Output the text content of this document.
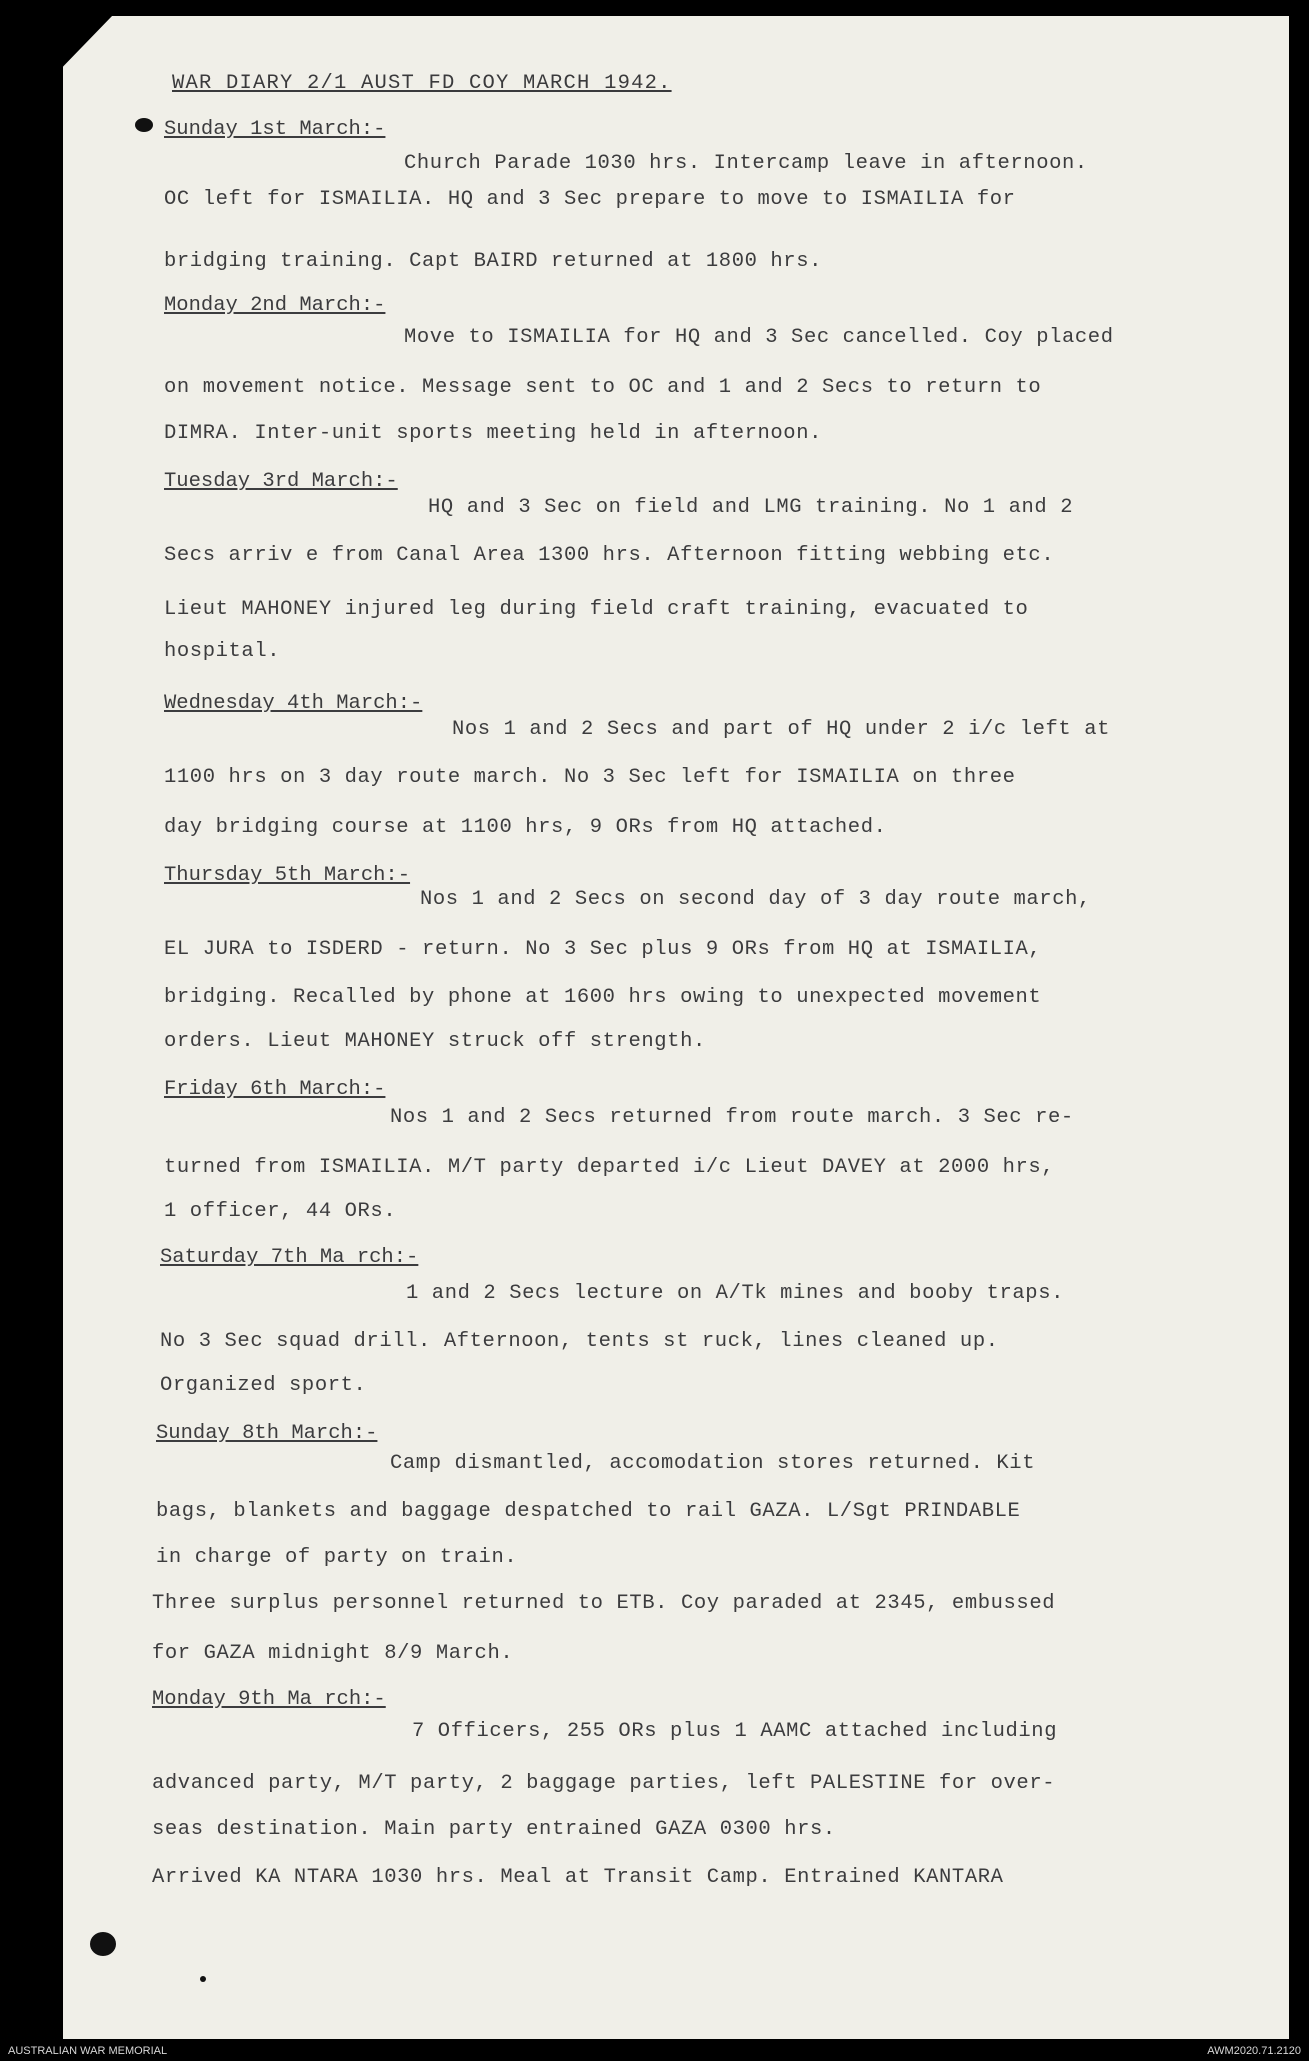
WAR DIARY 2/1 AUST FD COY MARCH 1942.
Sunday 1st March:-
Church Parade 1030 hrs. Intercamp leave in afternoon.
OC left for ISMAILIA. HQ and 3 Sec prepare to move to ISMAILIA for
bridging training. Capt BAIRD returned at 1800 hrs.
Monday 2nd March:-
Move to ISMAILIA for HQ and 3 Sec cancelled. Coy placed
on movement notice. Message sent to OC and 1 and 2 Secs to return to
DIMRA. Inter-unit sports meeting held in afternoon.
Tuesday 3rd March:-
HQ and 3 Sec on field and LMG training. No 1 and 2
Secs arriv e from Canal Area 1300 hrs. Afternoon fitting webbing etc.
Lieut MAHONEY injured leg during field craft training, evacuated to
hospital.
Wednesday 4th March:-
Nos 1 and 2 Secs and part of HQ under 2 i/c left at
1100 hrs on 3 day route march. No 3 Sec left for ISMAILIA on three
day bridging course at 1100 hrs, 9 ORs from HQ attached.
Thursday 5th March:-
Nos 1 and 2 Secs on second day of 3 day route march,
EL JURA to ISDERD - return. No 3 Sec plus 9 ORs from HQ at ISMAILIA,
bridging. Recalled by phone at 1600 hrs owing to unexpected movement
orders. Lieut MAHONEY struck off strength.
Friday 6th March:-
Nos 1 and 2 Secs returned from route march. 3 Sec re-
turned from ISMAILIA. M/T party departed i/c Lieut DAVEY at 2000 hrs,
1 officer, 44 ORs.
Saturday 7th Ma rch:-
1 and 2 Secs lecture on A/Tk mines and booby traps.
No 3 Sec squad drill. Afternoon, tents st ruck, lines cleaned up.
Organized sport.
Sunday 8th March:-
Camp dismantled, accomodation stores returned. Kit
bags, blankets and baggage despatched to rail GAZA. L/Sgt PRINDABLE
in charge of party on train.
Three surplus personnel returned to ETB. Coy paraded at 2345, embussed
for GAZA midnight 8/9 March.
Monday 9th Ma rch:-
7 Officers, 255 ORs plus 1 AAMC attached including
advanced party, M/T party, 2 baggage parties, left PALESTINE for over-
seas destination. Main party entrained GAZA 0300 hrs.
Arrived KA NTARA 1030 hrs. Meal at Transit Camp. Entrained KANTARA
AUSTRALIAN WAR MEMORIAL	AWM2020.71.2120
